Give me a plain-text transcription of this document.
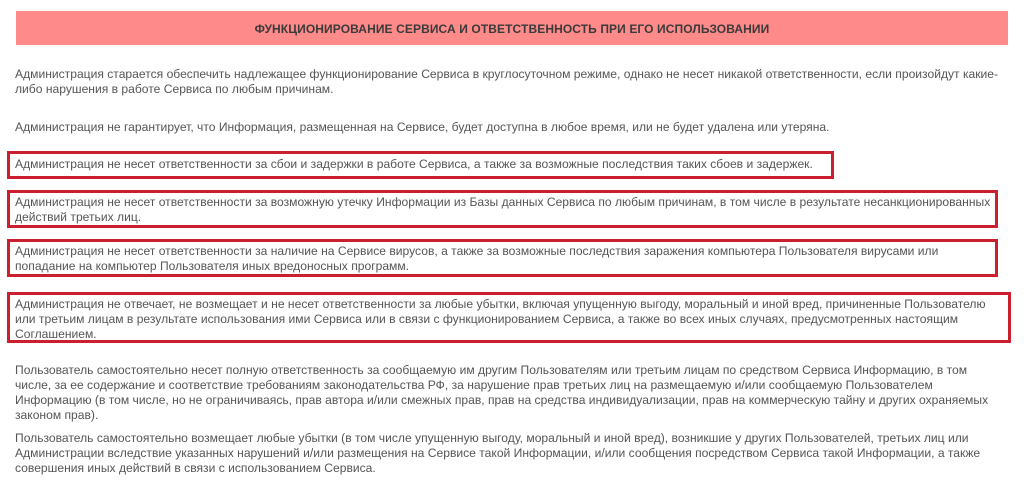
ФУНКЦИОНИРОВАНИЕ СЕРВИСА И ОТВЕТСТВЕННОСТЬ ПРИ ЕГО ИСПОЛЬЗОВАНИИ

Администрация старается обеспечить надлежащее функционирование Сервиса в круглосуточном режиме, однако не несет никакой ответственности, если произойдут какие-либо нарушения в работе Сервиса по любым причинам.

Администрация не гарантирует, что Информация, размещенная на Сервисе, будет доступна в любое время, или не будет удалена или утеряна.

Администрация не несет ответственности за сбои и задержки в работе Сервиса, а также за возможные последствия таких сбоев и задержек.

Администрация не несет ответственности за возможную утечку Информации из Базы данных Сервиса по любым причинам, в том числе в результате несанкционированных действий третьих лиц.

Администрация не несет ответственности за наличие на Сервисе вирусов, а также за возможные последствия заражения компьютера Пользователя вирусами или попадание на компьютер Пользователя иных вредоносных программ.

Администрация не отвечает, не возмещает и не несет ответственности за любые убытки, включая упущенную выгоду, моральный и иной вред, причиненные Пользователю или третьим лицам в результате использования ими Сервиса или в связи с функционированием Сервиса, а также во всех иных случаях, предусмотренных настоящим Соглашением.

Пользователь самостоятельно несет полную ответственность за сообщаемую им другим Пользователям или третьим лицам по средством Сервиса Информацию, в том числе, за ее содержание и соответствие требованиям законодательства РФ, за нарушение прав третьих лиц на размещаемую и/или сообщаемую Пользователем Информацию (в том числе, но не ограничиваясь, прав автора и/или смежных прав, прав на средства индивидуализации, прав на коммерческую тайну и других охраняемых законом прав).

Пользователь самостоятельно возмещает любые убытки (в том числе упущенную выгоду, моральный и иной вред), возникшие у других Пользователей, третьих лиц или Администрации вследствие указанных нарушений и/или размещения на Сервисе такой Информации, и/или сообщения посредством Сервиса такой Информации, а также совершения иных действий в связи с использованием Сервиса.
